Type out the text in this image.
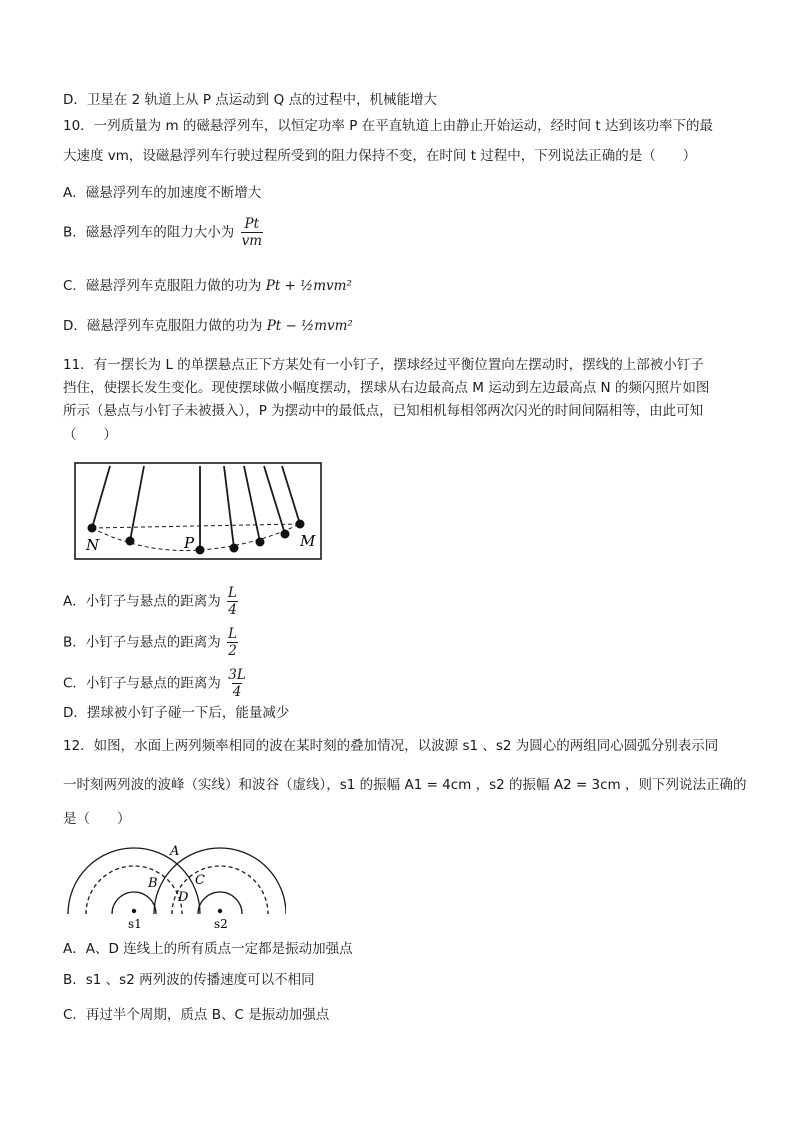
D．卫星在 2 轨道上从 P 点运动到 Q 点的过程中，机械能增大
10．一列质量为 m 的磁悬浮列车，以恒定功率 P 在平直轨道上由静止开始运动，经时间 t 达到该功率下的最
大速度 vm，设磁悬浮列车行驶过程所受到的阻力保持不变，在时间 t 过程中，下列说法正确的是（　　）
A．磁悬浮列车的加速度不断增大
B．磁悬浮列车的阻力大小为 $\frac{Pt}{vm}$
C．磁悬浮列车克服阻力做的功为 Pt + ½mvm²
D．磁悬浮列车克服阻力做的功为 Pt − ½mvm²
11．有一摆长为 L 的单摆悬点正下方某处有一小钉子，摆球经过平衡位置向左摆动时，摆线的上部被小钉子
挡住，使摆长发生变化。现使摆球做小幅度摆动，摆球从右边最高点 M 运动到左边最高点 N 的频闪照片如图
所示（悬点与小钉子未被摄入），P 为摆动中的最低点，已知相机每相邻两次闪光的时间间隔相等，由此可知
（　　）
N	P	M
A．小钉子与悬点的距离为 $\frac{L}{4}$
B．小钉子与悬点的距离为 $\frac{L}{2}$
C．小钉子与悬点的距离为 $\frac{3L}{4}$
D．摆球被小钉子碰一下后，能量减少
12．如图，水面上两列频率相同的波在某时刻的叠加情况，以波源 s1 、s2 为圆心的两组同心圆弧分别表示同
一时刻两列波的波峰（实线）和波谷（虚线），s1 的振幅 A1 = 4cm ，s2 的振幅 A2 = 3cm ，则下列说法正确的
是（　　）
A
B	C
D
s1	s2
A．A、D 连线上的所有质点一定都是振动加强点
B．s1 、s2 两列波的传播速度可以不相同
C．再过半个周期，质点 B、C 是振动加强点
